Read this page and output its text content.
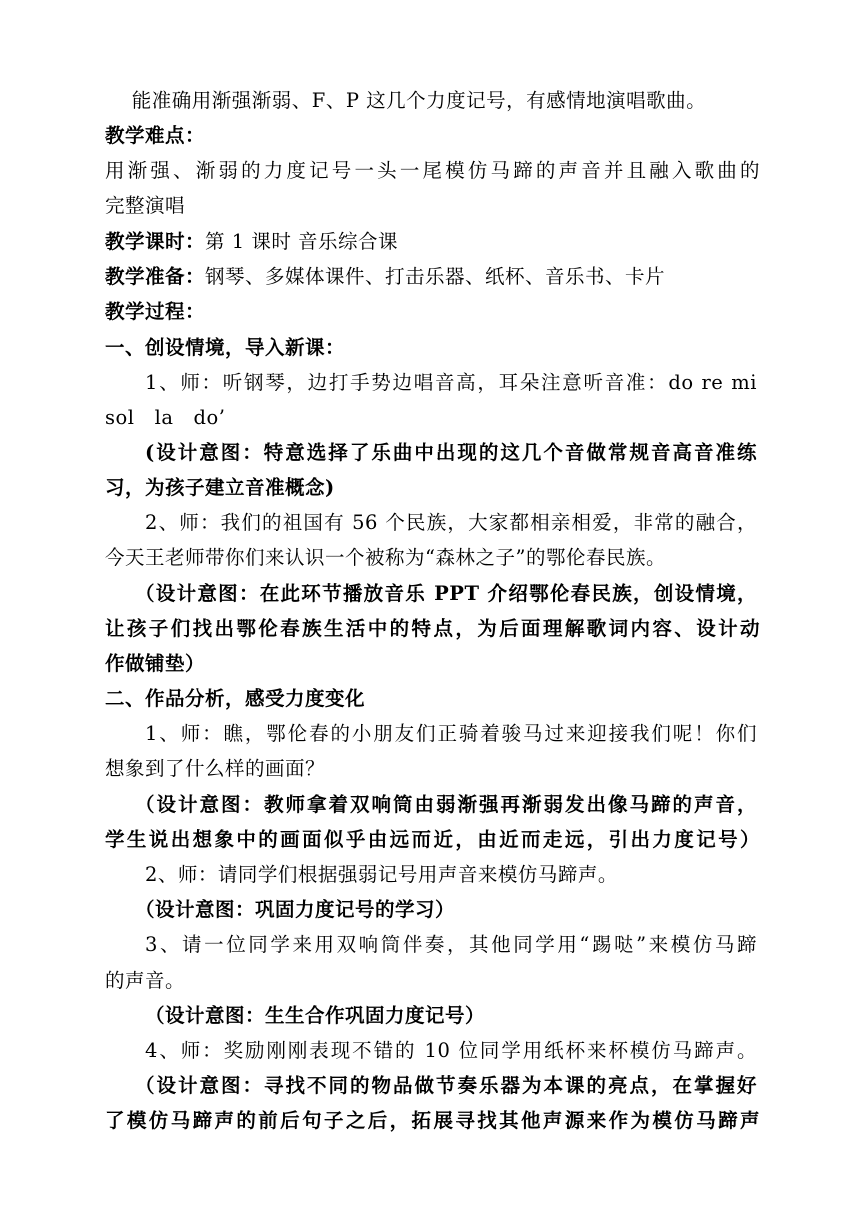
能准确用渐强渐弱、F、P 这几个力度记号，有感情地演唱歌曲。
教学难点：
用渐强、渐弱的力度记号一头一尾模仿马蹄的声音并且融入歌曲的
完整演唱
教学课时：第 1 课时 音乐综合课
教学准备：钢琴、多媒体课件、打击乐器、纸杯、音乐书、卡片
教学过程：
一、创设情境，导入新课：
1、师：听钢琴，边打手势边唱音高，耳朵注意听音准：do re mi
sol   la   do’
(设计意图：特意选择了乐曲中出现的这几个音做常规音高音准练
习，为孩子建立音准概念)
2、师：我们的祖国有 56 个民族，大家都相亲相爱，非常的融合，
今天王老师带你们来认识一个被称为“森林之子”的鄂伦春民族。
（设计意图：在此环节播放音乐 PPT 介绍鄂伦春民族，创设情境，
让孩子们找出鄂伦春族生活中的特点，为后面理解歌词内容、设计动
作做铺垫）
二、作品分析，感受力度变化
1、师：瞧，鄂伦春的小朋友们正骑着骏马过来迎接我们呢！你们
想象到了什么样的画面？
（设计意图：教师拿着双响筒由弱渐强再渐弱发出像马蹄的声音，
学生说出想象中的画面似乎由远而近，由近而走远，引出力度记号）
2、师：请同学们根据强弱记号用声音来模仿马蹄声。
（设计意图：巩固力度记号的学习）
3、请一位同学来用双响筒伴奏，其他同学用“踢哒”来模仿马蹄
的声音。
（设计意图：生生合作巩固力度记号）
4、师：奖励刚刚表现不错的 10 位同学用纸杯来杯模仿马蹄声。
（设计意图：寻找不同的物品做节奏乐器为本课的亮点，在掌握好
了模仿马蹄声的前后句子之后，拓展寻找其他声源来作为模仿马蹄声
